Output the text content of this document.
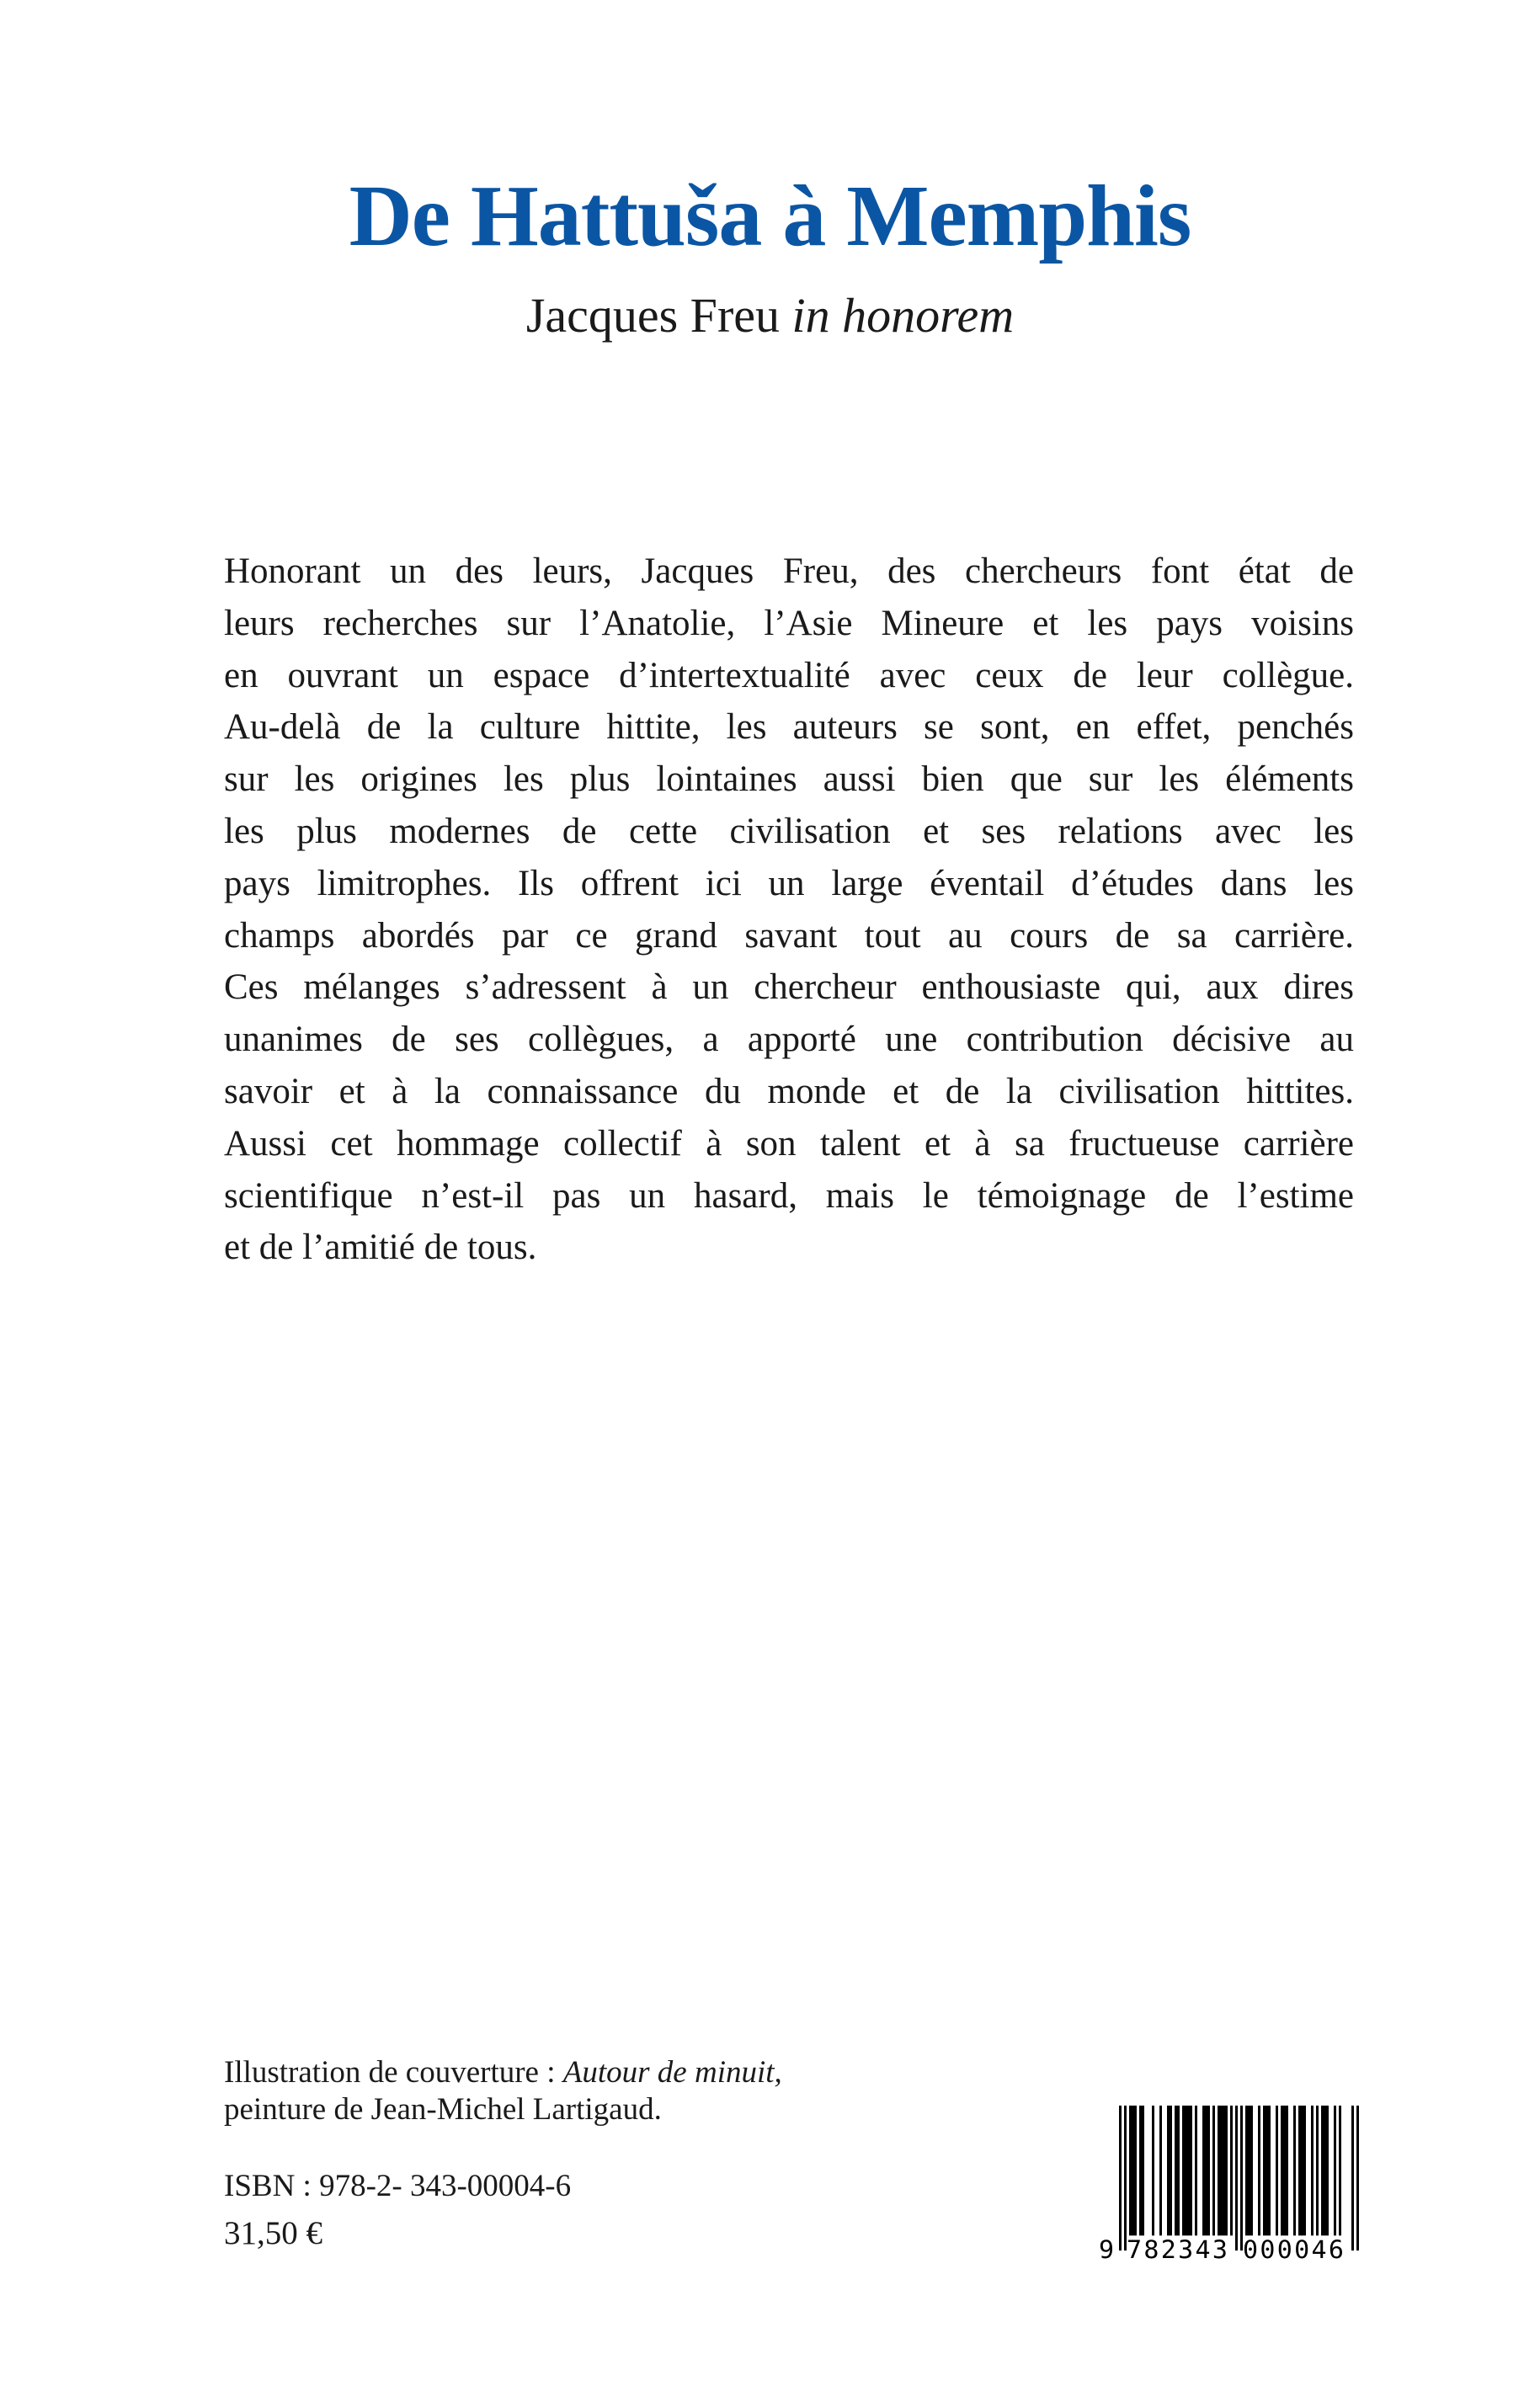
De Hattuša à Memphis
Jacques Freu in honorem
Honorant un des leurs, Jacques Freu, des chercheurs font état de
leurs recherches sur l’Anatolie, l’Asie Mineure et les pays voisins
en ouvrant un espace d’intertextualité avec ceux de leur collègue.
Au-delà de la culture hittite, les auteurs se sont, en effet, penchés
sur les origines les plus lointaines aussi bien que sur les éléments
les plus modernes de cette civilisation et ses relations avec les
pays limitrophes. Ils offrent ici un large éventail d’études dans les
champs abordés par ce grand savant tout au cours de sa carrière.
Ces mélanges s’adressent à un chercheur enthousiaste qui, aux dires
unanimes de ses collègues, a apporté une contribution décisive au
savoir et à la connaissance du monde et de la civilisation hittites.
Aussi cet hommage collectif à son talent et à sa fructueuse carrière
scientifique n’est-il pas un hasard, mais le témoignage de l’estime
et de l’amitié de tous.
Illustration de couverture : Autour de minuit,
peinture de Jean-Michel Lartigaud.
ISBN : 978-2- 343-00004-6
31,50 €	9 782343 000046
